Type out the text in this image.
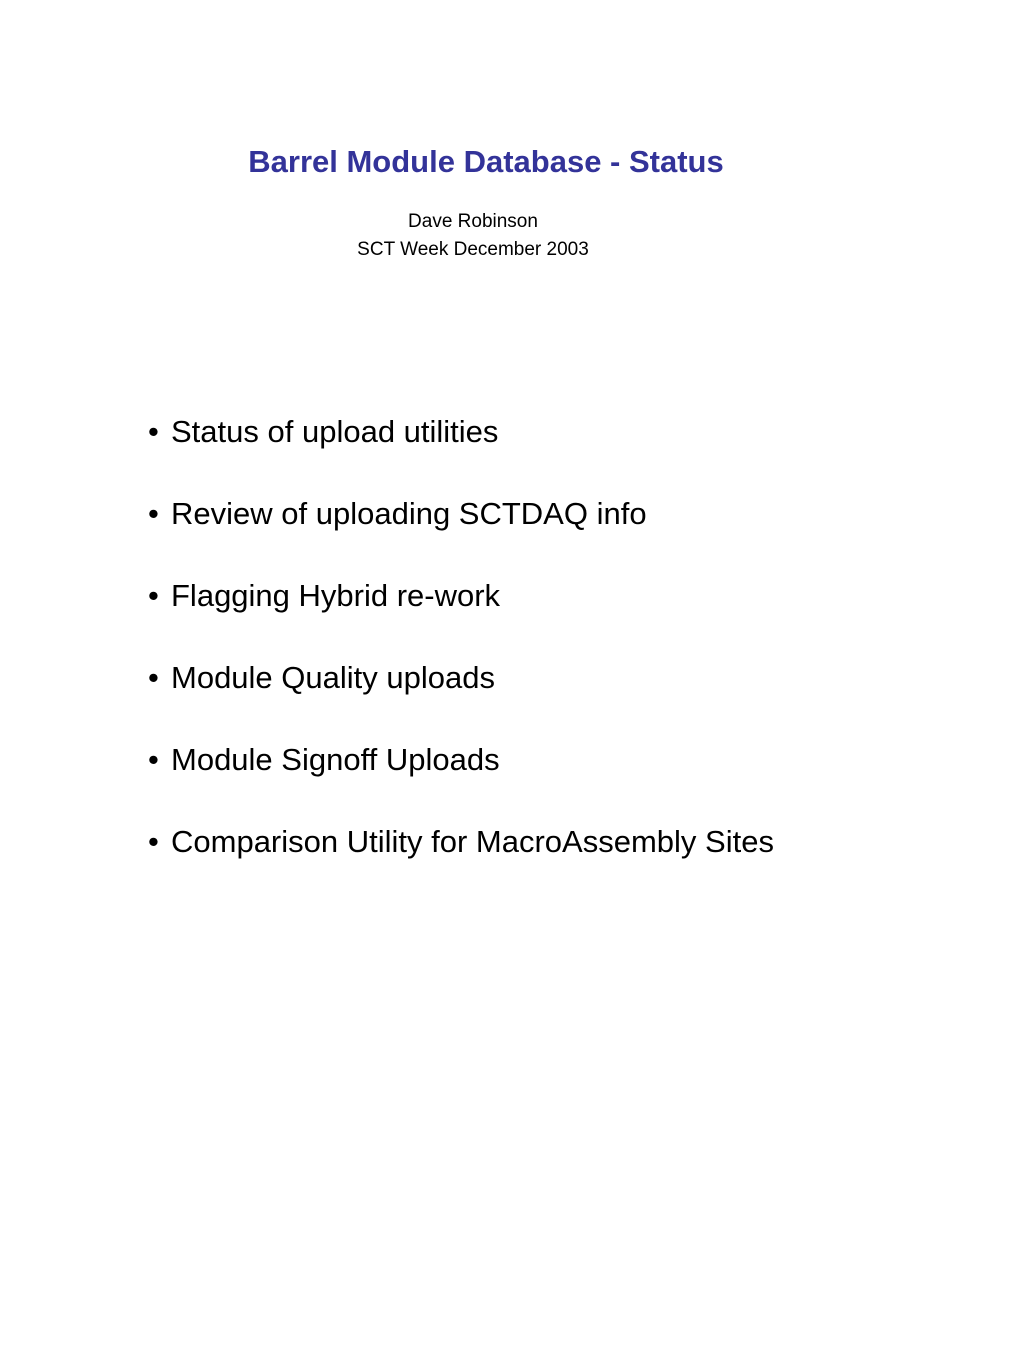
Barrel Module Database - Status
Dave Robinson
SCT Week December 2003
• Status of upload utilities
• Review of uploading SCTDAQ info
• Flagging Hybrid re-work
• Module Quality uploads
• Module Signoff Uploads
• Comparison Utility for MacroAssembly Sites
